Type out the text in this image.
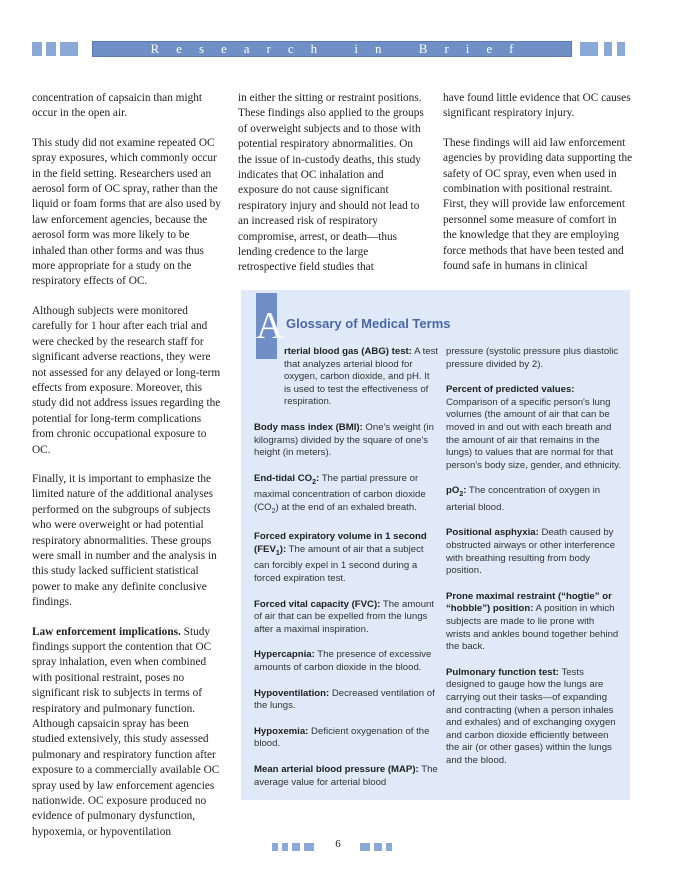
Research in Brief

concentration of capsaicin than might occur in the open air.

This study did not examine repeated OC spray exposures, which commonly occur in the field setting. Researchers used an aerosol form of OC spray, rather than the liquid or foam forms that are also used by law enforcement agencies, because the aerosol form was more likely to be inhaled than other forms and was thus more appropriate for a study on the respiratory effects of OC.

Although subjects were monitored carefully for 1 hour after each trial and were checked by the research staff for significant adverse reactions, they were not assessed for any delayed or long-term effects from exposure. Moreover, this study did not address issues regarding the potential for long-term complications from chronic occupational exposure to OC.

Finally, it is important to emphasize the limited nature of the additional analyses performed on the subgroups of subjects who were overweight or had potential respiratory abnormalities. These groups were small in number and the analysis in this study lacked sufficient statistical power to make any definite conclusive findings.

Law enforcement implications. Study findings support the contention that OC spray inhalation, even when combined with positional restraint, poses no significant risk to subjects in terms of respiratory and pulmonary function. Although capsaicin spray has been studied extensively, this study assessed pulmonary and respiratory function after exposure to a commercially available OC spray used by law enforcement agencies nationwide. OC exposure produced no evidence of pulmonary dysfunction, hypoxemia, or hypoventilation

in either the sitting or restraint positions. These findings also applied to the groups of overweight subjects and to those with potential respiratory abnormalities. On the issue of in-custody deaths, this study indicates that OC inhalation and exposure do not cause significant respiratory injury and should not lead to an increased risk of respiratory compromise, arrest, or death—thus lending credence to the large retrospective field studies that

have found little evidence that OC causes significant respiratory injury.

These findings will aid law enforcement agencies by providing data supporting the safety of OC spray, even when used in combination with positional restraint. First, they will provide law enforcement personnel some measure of comfort in the knowledge that they are employing force methods that have been tested and found safe in humans in clinical

A Glossary of Medical Terms
rterial blood gas (ABG) test: A test that analyzes arterial blood for oxygen, carbon dioxide, and pH. It is used to test the effectiveness of respiration.
Body mass index (BMI): One's weight (in kilograms) divided by the square of one's height (in meters).
End-tidal $CO_2$: The partial pressure or maximal concentration of carbon dioxide $(CO_2)$ at the end of an exhaled breath.
Forced expiratory volume in 1 second $(FEV_1)$: The amount of air that a subject can forcibly expel in 1 second during a forced expiration test.
Forced vital capacity (FVC): The amount of air that can be expelled from the lungs after a maximal inspiration.
Hypercapnia: The presence of excessive amounts of carbon dioxide in the blood.
Hypoventilation: Decreased ventilation of the lungs.
Hypoxemia: Deficient oxygenation of the blood.
Mean arterial blood pressure (MAP): The average value for arterial blood
pressure (systolic pressure plus diastolic pressure divided by 2).
Percent of predicted values: Comparison of a specific person's lung volumes (the amount of air that can be moved in and out with each breath and the amount of air that remains in the lungs) to values that are normal for that person's body size, gender, and ethnicity.
$pO_2$: The concentration of oxygen in arterial blood.
Positional asphyxia: Death caused by obstructed airways or other interference with breathing resulting from body position.
Prone maximal restraint (“hogtie” or “hobble”) position: A position in which subjects are made to lie prone with wrists and ankles bound together behind the back.
Pulmonary function test: Tests designed to gauge how the lungs are carrying out their tasks—of expanding and contracting (when a person inhales and exhales) and of exchanging oxygen and carbon dioxide efficiently between the air (or other gases) within the lungs and the blood.
6
